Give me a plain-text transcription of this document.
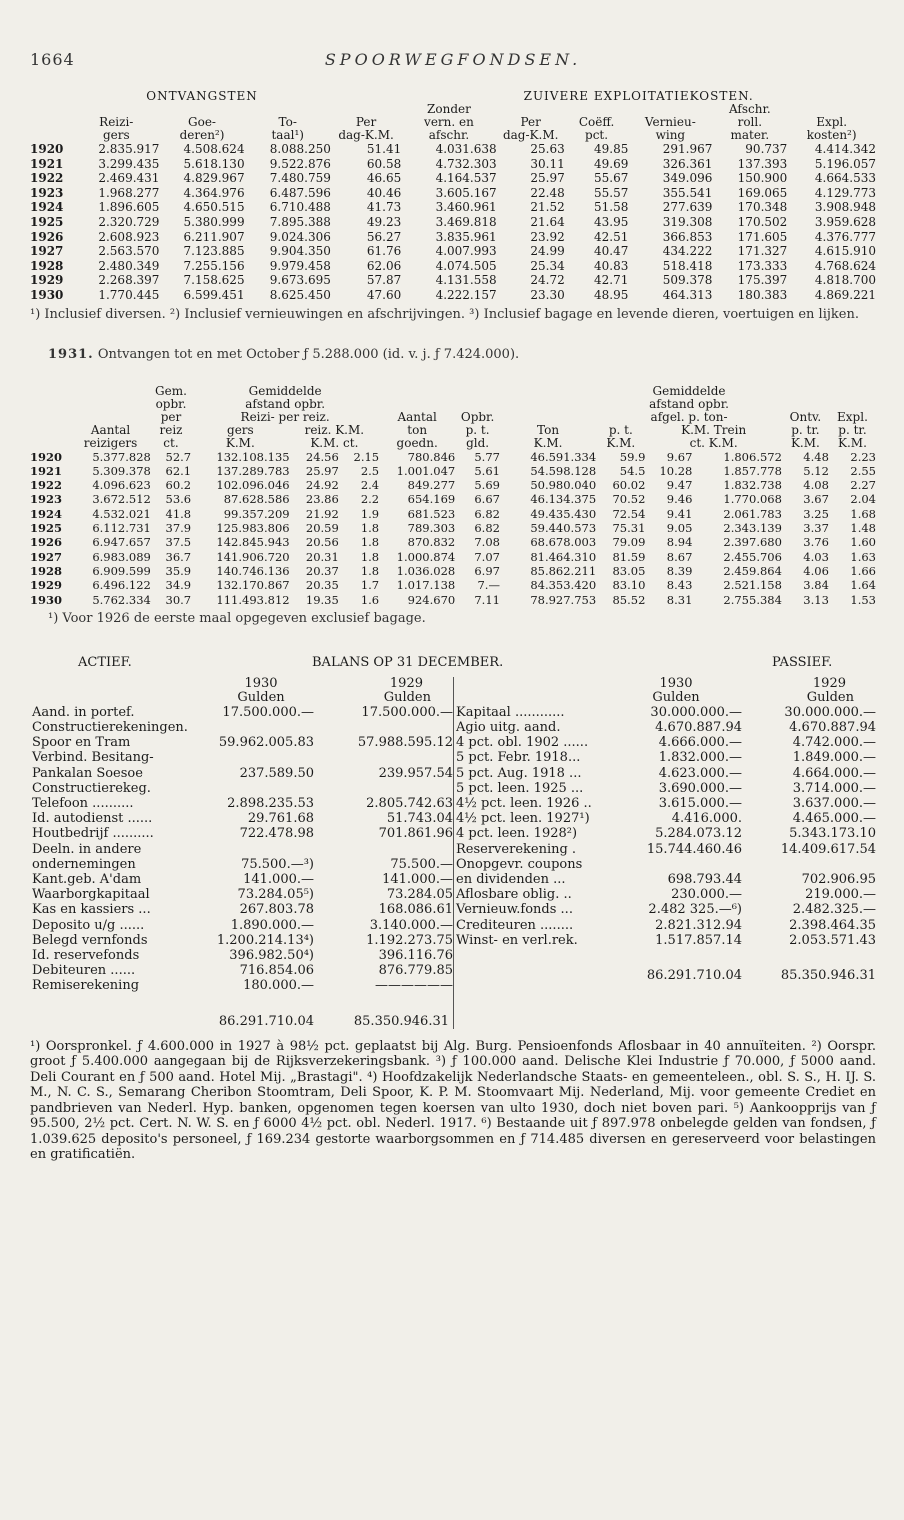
1664	SPOORWEGFONDSEN.
	ONTVANGSTEN				ZUIVERE EXPLOITATIEKOSTEN.					
					Zonder				Afschr.	
	Reizi-	Goe-	To-	Per	vern. en	Per	Coëff.	Vernieu-	roll.	Expl.
	gers	deren²)	taal¹)	dag-K.M.	afschr.	dag-K.M.	pct.	wing	mater.	kosten²)
1920	2.835.917	4.508.624	8.088.250	51.41	4.031.638	25.63	49.85	291.967	90.737	4.414.342
1921	3.299.435	5.618.130	9.522.876	60.58	4.732.303	30.11	49.69	326.361	137.393	5.196.057
1922	2.469.431	4.829.967	7.480.759	46.65	4.164.537	25.97	55.67	349.096	150.900	4.664.533
1923	1.968.277	4.364.976	6.487.596	40.46	3.605.167	22.48	55.57	355.541	169.065	4.129.773
1924	1.896.605	4.650.515	6.710.488	41.73	3.460.961	21.52	51.58	277.639	170.348	3.908.948
1925	2.320.729	5.380.999	7.895.388	49.23	3.469.818	21.64	43.95	319.308	170.502	3.959.628
1926	2.608.923	6.211.907	9.024.306	56.27	3.835.961	23.92	42.51	366.853	171.605	4.376.777
1927	2.563.570	7.123.885	9.904.350	61.76	4.007.993	24.99	40.47	434.222	171.327	4.615.910
1928	2.480.349	7.255.156	9.979.458	62.06	4.074.505	25.34	40.83	518.418	173.333	4.768.624
1929	2.268.397	7.158.625	9.673.695	57.87	4.131.558	24.72	42.71	509.378	175.397	4.818.700
1930	1.770.445	6.599.451	8.625.450	47.60	4.222.157	23.30	48.95	464.313	180.383	4.869.221

¹) Inclusief diversen. ²) Inclusief vernieuwingen en afschrijvingen. ³) Inclusief bagage en levende dieren, voertuigen en lijken.

1931. Ontvangen tot en met October ƒ 5.288.000 (id. v. j. ƒ 7.424.000).

		Gem.	Gemiddelde						Gemiddelde				
		opbr.	afstand opbr.						afstand opbr.				
		per	Reizi- per reiz.			Aantal	Opbr.		afgel. p. ton-			Ontv.	Expl.
	Aantal	reiz	gers	reiz. K.M.		ton	p. t.	Ton	p. t.	K.M. Trein		p. tr.	p. tr.
	reizigers	ct.	K.M.	K.M. ct.		goedn.	gld.	K.M.	K.M.	ct. K.M.		K.M.	K.M.
1920	5.377.828	52.7	132.108.135	24.56	2.15	780.846	5.77	46.591.334	59.9	9.67	1.806.572	4.48	2.23
1921	5.309.378	62.1	137.289.783	25.97	2.5	1.001.047	5.61	54.598.128	54.5	10.28	1.857.778	5.12	2.55
1922	4.096.623	60.2	102.096.046	24.92	2.4	849.277	5.69	50.980.040	60.02	9.47	1.832.738	4.08	2.27
1923	3.672.512	53.6	87.628.586	23.86	2.2	654.169	6.67	46.134.375	70.52	9.46	1.770.068	3.67	2.04
1924	4.532.021	41.8	99.357.209	21.92	1.9	681.523	6.82	49.435.430	72.54	9.41	2.061.783	3.25	1.68
1925	6.112.731	37.9	125.983.806	20.59	1.8	789.303	6.82	59.440.573	75.31	9.05	2.343.139	3.37	1.48
1926	6.947.657	37.5	142.845.943	20.56	1.8	870.832	7.08	68.678.003	79.09	8.94	2.397.680	3.76	1.60
1927	6.983.089	36.7	141.906.720	20.31	1.8	1.000.874	7.07	81.464.310	81.59	8.67	2.455.706	4.03	1.63
1928	6.909.599	35.9	140.746.136	20.37	1.8	1.036.028	6.97	85.862.211	83.05	8.39	2.459.864	4.06	1.66
1929	6.496.122	34.9	132.170.867	20.35	1.7	1.017.138	7.—	84.353.420	83.10	8.43	2.521.158	3.84	1.64
1930	5.762.334	30.7	111.493.812	19.35	1.6	924.670	7.11	78.927.753	85.52	8.31	2.755.384	3.13	1.53

¹) Voor 1926 de eerste maal opgegeven exclusief bagage.

ACTIEF.	BALANS OP 31 DECEMBER.	PASSIEF.
	1930	1929
	Gulden	Gulden
Aand. in portef.	17.500.000.—	17.500.000.—
Constructierekeningen.		
Spoor en Tram	59.962.005.83	57.988.595.12
Verbind. Besitang-		
Pankalan Soesoe	237.589.50	239.957.54
Constructierekeg.		
Telefoon ..........	2.898.235.53	2.805.742.63
Id. autodienst ......	29.761.68	51.743.04
Houtbedrijf ..........	722.478.98	701.861.96
Deeln. in andere		
ondernemingen	75.500.—³)	75.500.—
Kant.geb. A'dam	141.000.—	141.000.—
Waarborgkapitaal	73.284.05⁵)	73.284.05
Kas en kassiers ...	267.803.78	168.086.61
Deposito u/g ......	1.890.000.—	3.140.000.—
Belegd vernfonds	1.200.214.13⁴)	1.192.273.75
Id. reservefonds	396.982.50⁴)	396.116.76
Debiteuren ......	716.854.06	876.779.85
Remiserekening	180.000.—	——————
	86.291.710.04	85.350.946.31
	1930	1929
	Gulden	Gulden
Kapitaal ............	30.000.000.—	30.000.000.—
Agio uitg. aand.	4.670.887.94	4.670.887.94
4 pct. obl. 1902 ......	4.666.000.—	4.742.000.—
5 pct. Febr. 1918...	1.832.000.—	1.849.000.—
5 pct. Aug. 1918 ...	4.623.000.—	4.664.000.—
5 pct. leen. 1925 ...	3.690.000.—	3.714.000.—
4½ pct. leen. 1926 ..	3.615.000.—	3.637.000.—
4½ pct. leen. 1927¹)	4.416.000.	4.465.000.—
4 pct. leen. 1928²)	5.284.073.12	5.343.173.10
Reserverekening .	15.744.460.46	14.409.617.54
Onopgevr. coupons		
en dividenden ...	698.793.44	702.906.95
Aflosbare oblig. ..	230.000.—	219.000.—
Vernieuw.fonds ...	2.482 325.—⁶)	2.482.325.—
Crediteuren ........	2.821.312.94	2.398.464.35
Winst- en verl.rek.	1.517.857.14	2.053.571.43
	86.291.710.04	85.350.946.31

¹) Oorspronkel. ƒ 4.600.000 in 1927 à 98½ pct. geplaatst bij Alg. Burg. Pensioenfonds Aflosbaar in 40 annuïteiten. ²) Oorspr. groot ƒ 5.400.000 aangegaan bij de Rijksverzekeringsbank. ³) ƒ 100.000 aand. Delische Klei Industrie ƒ 70.000, ƒ 5000 aand. Deli Courant en ƒ 500 aand. Hotel Mij. „Brastagi". ⁴) Hoofdzakelijk Nederlandsche Staats- en gemeenteleen., obl. S. S., H. IJ. S. M., N. C. S., Semarang Cheribon Stoomtram, Deli Spoor, K. P. M. Stoomvaart Mij. Nederland, Mij. voor gemeente Crediet en pandbrieven van Nederl. Hyp. banken, opgenomen tegen koersen van ulto 1930, doch niet boven pari. ⁵) Aankoopprijs van ƒ 95.500, 2½ pct. Cert. N. W. S. en ƒ 6000 4½ pct. obl. Nederl. 1917. ⁶) Bestaande uit ƒ 897.978 onbelegde gelden van fondsen, ƒ 1.039.625 deposito's personeel, ƒ 169.234 gestorte waarborgsommen en ƒ 714.485 diversen en gereserveerd voor belastingen en gratificatiën.
